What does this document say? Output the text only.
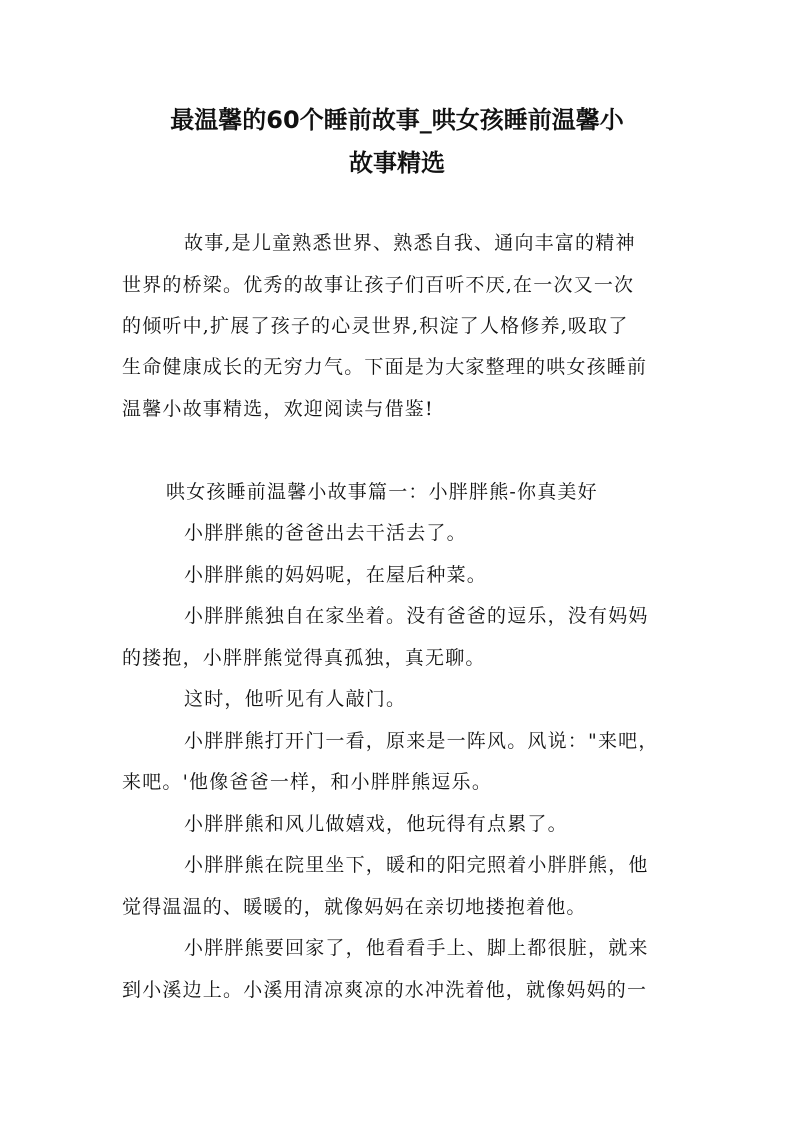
最温馨的60个睡前故事_哄女孩睡前温馨小
故事精选

故事,是儿童熟悉世界、熟悉自我、通向丰富的精神

世界的桥梁。优秀的故事让孩子们百听不厌,在一次又一次

的倾听中,扩展了孩子的心灵世界,积淀了人格修养,吸取了

生命健康成长的无穷力气。下面是为大家整理的哄女孩睡前

温馨小故事精选，欢迎阅读与借鉴!

哄女孩睡前温馨小故事篇一：小胖胖熊-你真美好

小胖胖熊的爸爸出去干活去了。

小胖胖熊的妈妈呢，在屋后种菜。

小胖胖熊独自在家坐着。没有爸爸的逗乐，没有妈妈

的搂抱，小胖胖熊觉得真孤独，真无聊。

这时，他听见有人敲门。

小胖胖熊打开门一看，原来是一阵风。风说："来吧，

来吧。'他像爸爸一样，和小胖胖熊逗乐。

小胖胖熊和风儿做嬉戏，他玩得有点累了。

小胖胖熊在院里坐下，暖和的阳完照着小胖胖熊，他

觉得温温的、暖暖的，就像妈妈在亲切地搂抱着他。

小胖胖熊要回家了，他看看手上、脚上都很脏，就来

到小溪边上。小溪用清凉爽凉的水冲洗着他，就像妈妈的一
